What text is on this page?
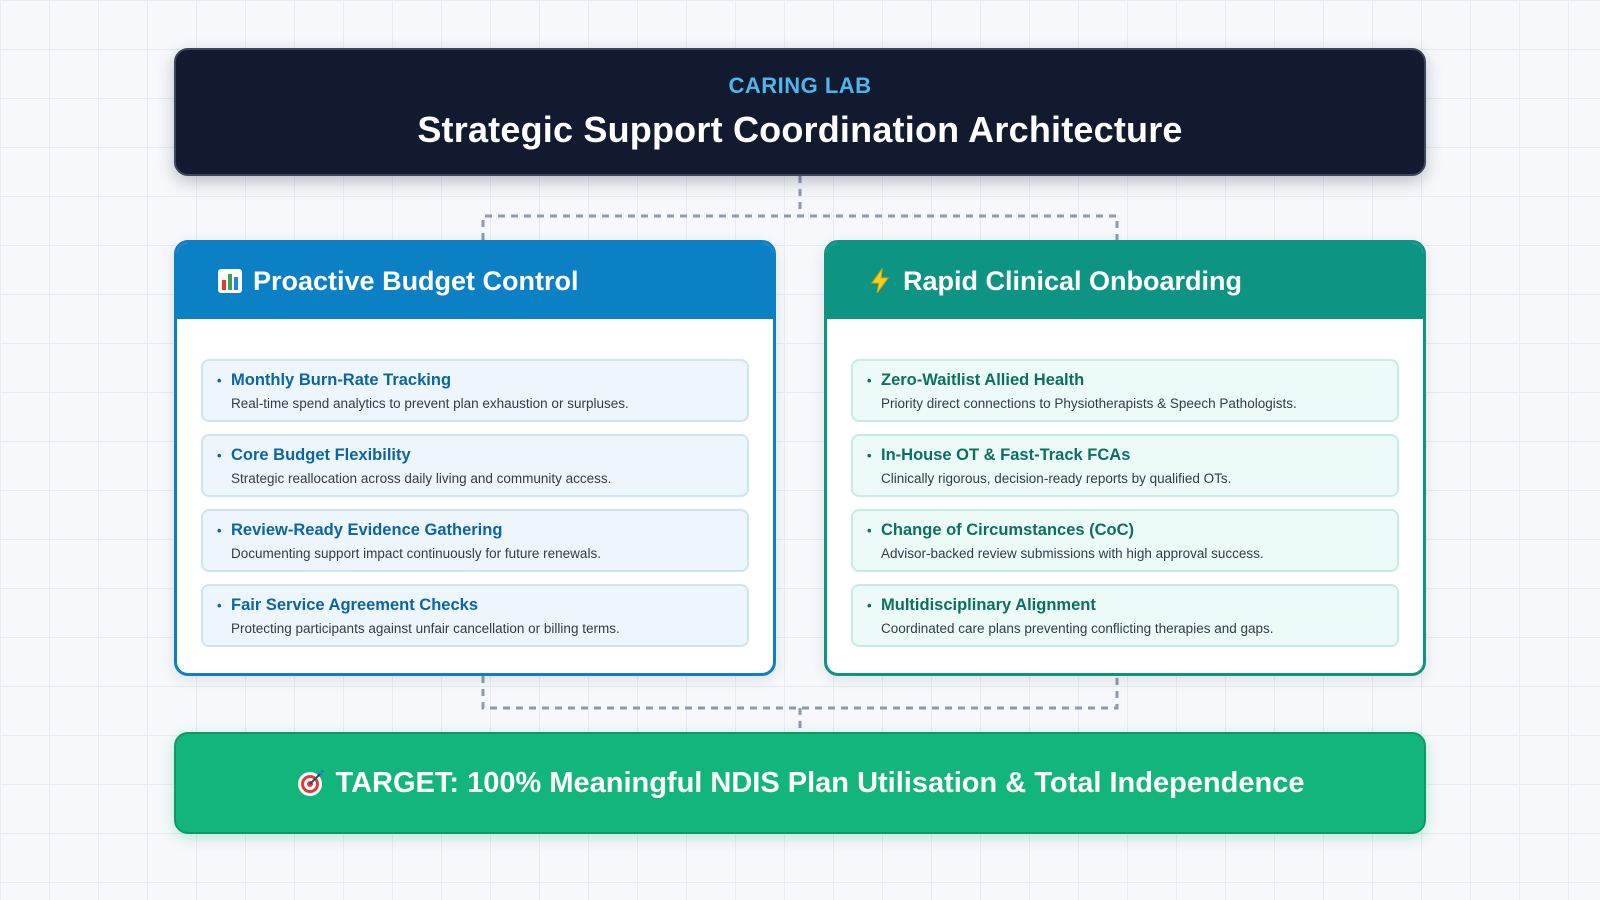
CARING LAB
Strategic Support Coordination Architecture
Proactive Budget Control
• Monthly Burn-Rate Tracking
Real-time spend analytics to prevent plan exhaustion or surpluses.
• Core Budget Flexibility
Strategic reallocation across daily living and community access.
• Review-Ready Evidence Gathering
Documenting support impact continuously for future renewals.
• Fair Service Agreement Checks
Protecting participants against unfair cancellation or billing terms.
Rapid Clinical Onboarding
• Zero-Waitlist Allied Health
Priority direct connections to Physiotherapists & Speech Pathologists.
• In-House OT & Fast-Track FCAs
Clinically rigorous, decision-ready reports by qualified OTs.
• Change of Circumstances (CoC)
Advisor-backed review submissions with high approval success.
• Multidisciplinary Alignment
Coordinated care plans preventing conflicting therapies and gaps.
TARGET: 100% Meaningful NDIS Plan Utilisation & Total Independence
